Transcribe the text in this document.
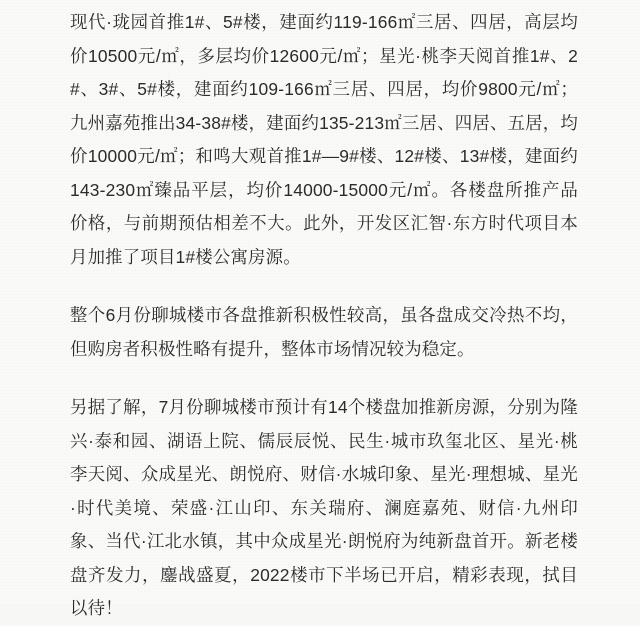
现代·珑园首推1#、5#楼，建面约119-166㎡三居、四居，高层均价10500元/㎡，多层均价12600元/㎡；星光·桃李天阅首推1#、2#、3#、5#楼，建面约109-166㎡三居、四居，均价9800元/㎡；九州嘉苑推出34-38#楼，建面约135-213㎡三居、四居、五居，均价10000元/㎡；和鸣大观首推1#—9#楼、12#楼、13#楼，建面约143-230㎡臻品平层，均价14000-15000元/㎡。各楼盘所推产品价格，与前期预估相差不大。此外，开发区汇智·东方时代项目本月加推了项目1#楼公寓房源。

整个6月份聊城楼市各盘推新积极性较高，虽各盘成交冷热不均，但购房者积极性略有提升，整体市场情况较为稳定。

另据了解，7月份聊城楼市预计有14个楼盘加推新房源，分别为隆兴·泰和园、湖语上院、儒辰辰悦、民生·城市玖玺北区、星光·桃李天阅、众成星光、朗悦府、财信·水城印象、星光·理想城、星光·时代美境、荣盛·江山印、东关瑞府、澜庭嘉苑、财信·九州印象、当代·江北水镇，其中众成星光·朗悦府为纯新盘首开。新老楼盘齐发力，鏖战盛夏，2022楼市下半场已开启，精彩表现，拭目以待！
